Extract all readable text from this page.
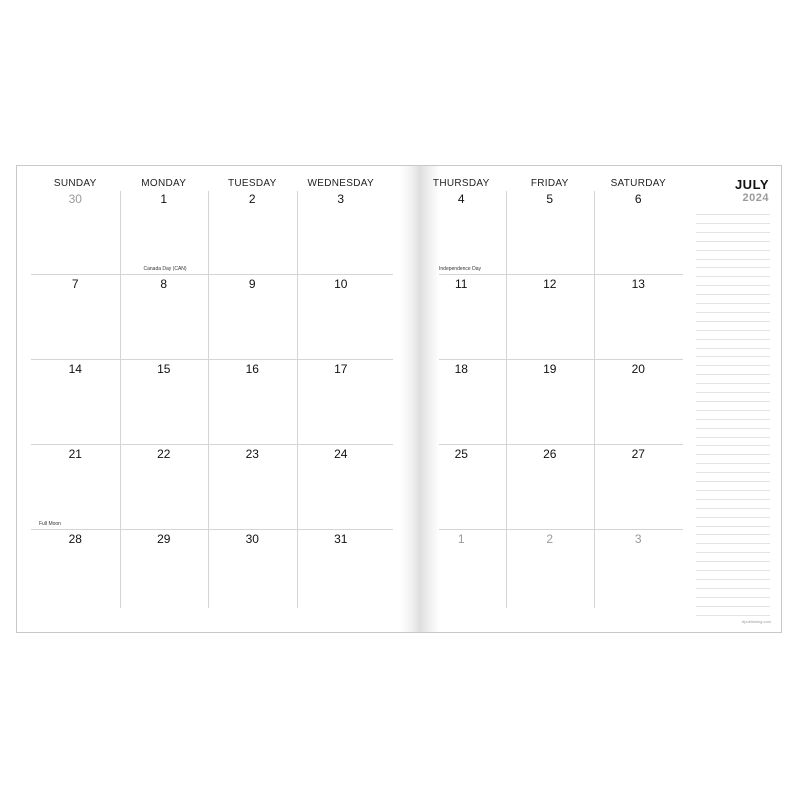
SUNDAY	MONDAY	TUESDAY	WEDNESDAY
30	1	2	3
7	8	9	10
14	15	16	17
21	22	23	24
28	29	30	31
Canada Day (CAN)
Full Moon
JULY
2024
tfpublishing.com
THURSDAY	FRIDAY	SATURDAY
4	5	6
11	12	13
18	19	20
25	26	27
1	2	3
Independence Day
